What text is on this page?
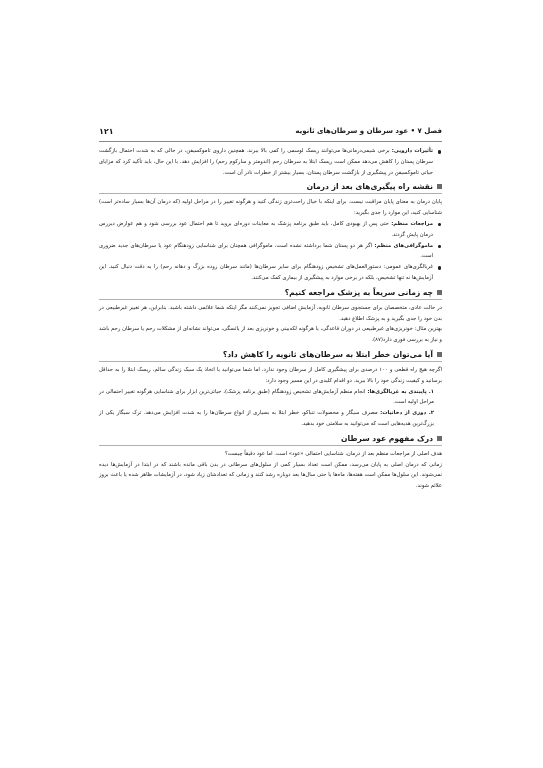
فصل ۷ • عود سرطان و سرطان‌های ثانویه
۱۲۱
تأثیرات دارویی: برخی شیمی‌درمانی‌ها می‌توانند ریسک لوسمی را کمی بالا ببرند. همچنین داروی تاموکسیفن، در حالی که به شدت احتمال بازگشت سرطان پستان را کاهش می‌دهد ممکن است ریسک ابتلا به سرطان رحم (اندومتر و سارکوم رحم) را افزایش دهد. با این حال، باید تأکید کرد که مزایای حیاتی تاموکسیفن در پیشگیری از بازگشت سرطان پستان، بسیار بیشتر از خطرات نادر آن است.
نقشه راه پیگیری‌های بعد از درمان

پایان درمان به معنای پایان مراقبت نیست. برای اینکه با خیال راحت‌تری زندگی کنید و هرگونه تغییر را در مراحل اولیه (که درمان آن‌ها بسیار ساده‌تر است) شناسایی کنید، این موارد را جدی بگیرید:

مراجعات منظم: حتی پس از بهبودی کامل، باید طبق برنامه پزشک به معاینات دوره‌ای بروید تا هم احتمال عود بررسی شود و هم عوارض دیررس درمان پایش گردند.
ماموگرافی‌های منظم: اگر هر دو پستان شما برداشته نشده است، ماموگرافی همچنان برای شناسایی زودهنگام عود یا سرطان‌های جدید ضروری است.
غربالگری‌های عمومی: دستورالعمل‌های تشخیص زودهنگام برای سایر سرطان‌ها (مانند سرطان روده بزرگ و دهانه رحم) را به دقت دنبال کنید. این آزمایش‌ها نه تنها تشخیص، بلکه در برخی موارد به پیشگیری از بیماری کمک می‌کنند.
چه زمانی سریعاً به پزشک مراجعه کنیم؟

در حالت عادی، متخصصان برای جستجوی سرطان ثانویه، آزمایش اضافی تجویز نمی‌کنند مگر اینکه شما علائمی داشته باشید. بنابراین، هر تغییر غیرطبیعی در بدن خود را جدی بگیرید و به پزشک اطلاع دهید.

بهترین مثال: خونریزی‌های غیرطبیعی در دوران قاعدگی، یا هرگونه لکه‌بینی و خونریزی بعد از یائسگی، می‌تواند نشانه‌ای از مشکلات رحم یا سرطان رحم باشد و نیاز به بررسی فوری دارد(۸۷).

آیا می‌توان خطر ابتلا به سرطان‌های ثانویه را کاهش داد؟

اگرچه هیچ راه قطعی و ۱۰۰ درصدی برای پیشگیری کامل از سرطان وجود ندارد، اما شما می‌توانید با اتخاذ یک سبک زندگی سالم، ریسک ابتلا را به حداقل برسانید و کیفیت زندگی خود را بالا ببرید. دو اقدام کلیدی در این مسیر وجود دارد:

۱. پایبندی به غربالگری‌ها: انجام منظم آزمایش‌های تشخیص زودهنگام (طبق برنامه پزشک)، حیاتی‌ترین ابزار برای شناسایی هرگونه تغییر احتمالی در مراحل اولیه است.
۲. دوری از دخانیات: مصرف سیگار و محصولات تنباکو، خطر ابتلا به بسیاری از انواع سرطان‌ها را به شدت افزایش می‌دهد. ترک سیگار یکی از بزرگ‌ترین هدیه‌هایی است که می‌توانید به سلامتی خود بدهید.
درک مفهوم عود سرطان

هدف اصلی از مراجعات منظم بعد از درمان، شناسایی احتمالی «عود» است. اما عود دقیقاً چیست؟

زمانی که درمان اصلی به پایان می‌رسد، ممکن است تعداد بسیار کمی از سلول‌های سرطانی در بدن باقی مانده باشند که در ابتدا در آزمایش‌ها دیده نمی‌شوند. این سلول‌ها ممکن است هفته‌ها، ماه‌ها یا حتی سال‌ها بعد دوباره رشد کنند و زمانی که تعدادشان زیاد شود، در آزمایشات ظاهر شده یا باعث بروز علائم شوند.
